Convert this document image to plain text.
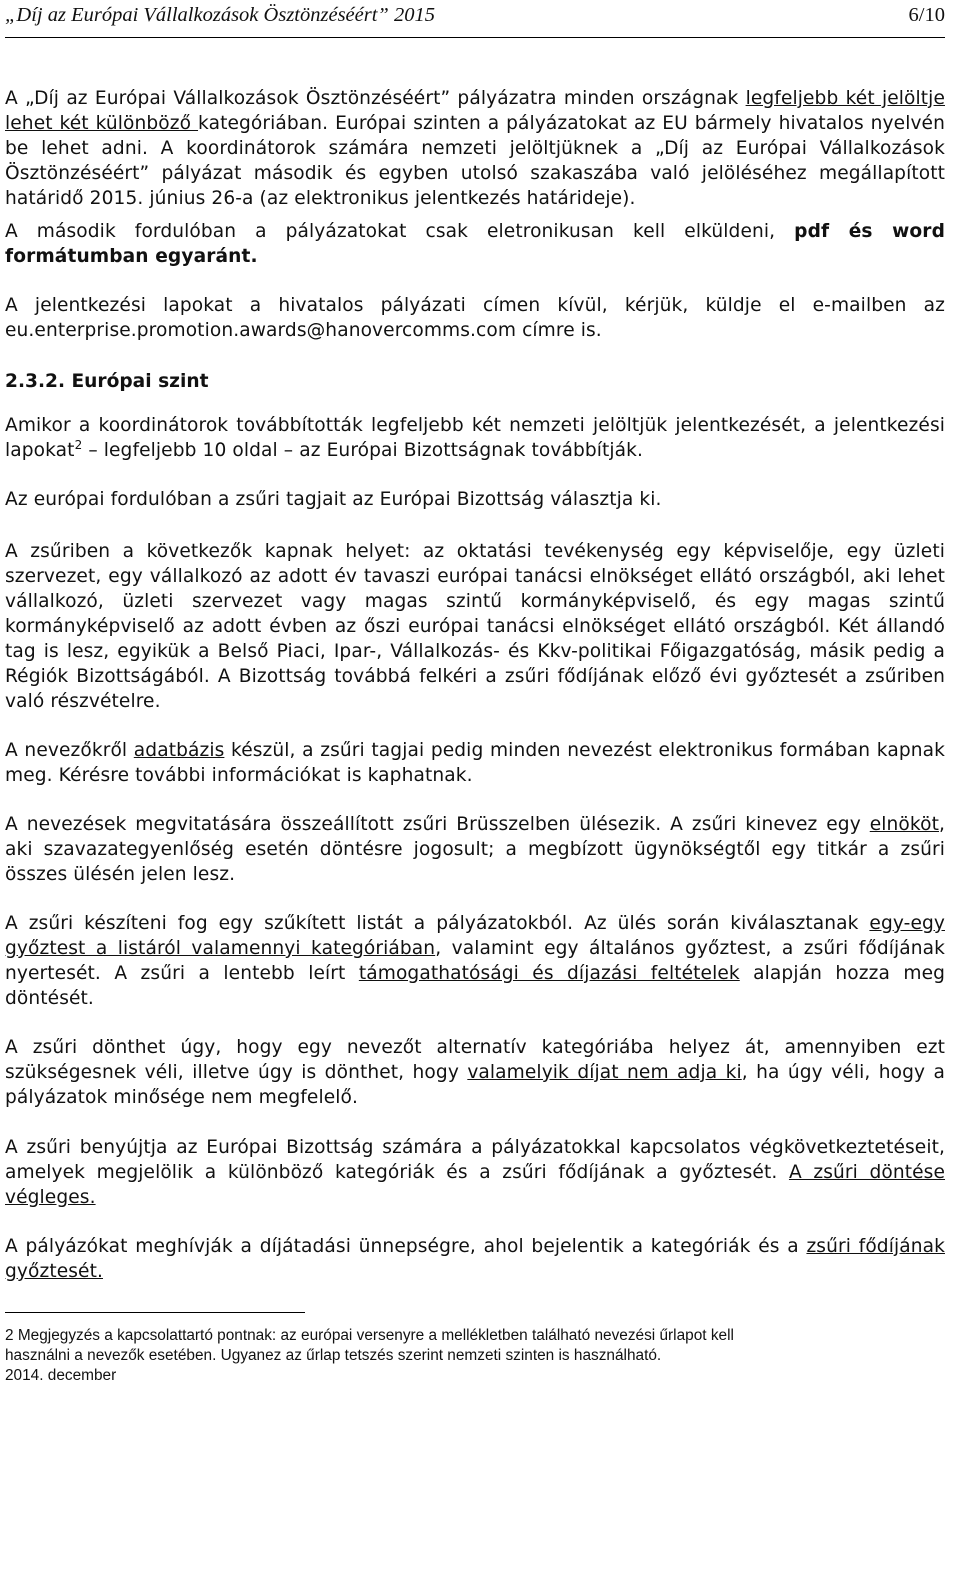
„Díj az Európai Vállalkozások Ösztönzéséért” 2015	6/10

A „Díj az Európai Vállalkozások Ösztönzéséért” pályázatra minden országnak legfeljebb két jelöltje lehet két különböző kategóriában. Európai szinten a pályázatokat az EU bármely hivatalos nyelvén be lehet adni. A koordinátorok számára nemzeti jelöltjüknek a „Díj az Európai Vállalkozások Ösztönzéséért” pályázat második és egyben utolsó szakaszába való jelöléséhez megállapított határidő 2015. június 26-a (az elektronikus jelentkezés határideje).

A második fordulóban a pályázatokat csak eletronikusan kell elküldeni, pdf és word formátumban egyaránt.

A jelentkezési lapokat a hivatalos pályázati címen kívül, kérjük, küldje el e-mailben az eu.enterprise.promotion.awards@hanovercomms.com címre is.

2.3.2. Európai szint

Amikor a koordinátorok továbbították legfeljebb két nemzeti jelöltjük jelentkezését, a jelentkezési lapokat$^2$ – legfeljebb 10 oldal – az Európai Bizottságnak továbbítják.

Az európai fordulóban a zsűri tagjait az Európai Bizottság választja ki.

A zsűriben a következők kapnak helyet: az oktatási tevékenység egy képviselője, egy üzleti szervezet, egy vállalkozó az adott év tavaszi európai tanácsi elnökséget ellátó országból, aki lehet vállalkozó, üzleti szervezet vagy magas szintű kormányképviselő, és egy magas szintű kormányképviselő az adott évben az őszi európai tanácsi elnökséget ellátó országból. Két állandó tag is lesz, egyikük a Belső Piaci, Ipar-, Vállalkozás- és Kkv-politikai Főigazgatóság, másik pedig a Régiók Bizottságából. A Bizottság továbbá felkéri a zsűri fődíjának előző évi győztesét a zsűriben való részvételre.

A nevezőkről adatbázis készül, a zsűri tagjai pedig minden nevezést elektronikus formában kapnak meg. Kérésre további információkat is kaphatnak.

A nevezések megvitatására összeállított zsűri Brüsszelben ülésezik. A zsűri kinevez egy elnököt, aki szavazategyenlőség esetén döntésre jogosult; a megbízott ügynökségtől egy titkár a zsűri összes ülésén jelen lesz.

A zsűri készíteni fog egy szűkített listát a pályázatokból. Az ülés során kiválasztanak egy-egy győztest a listáról valamennyi kategóriában, valamint egy általános győztest, a zsűri fődíjának nyertesét. A zsűri a lentebb leírt támogathatósági és díjazási feltételek alapján hozza meg döntését.

A zsűri dönthet úgy, hogy egy nevezőt alternatív kategóriába helyez át, amennyiben ezt szükségesnek véli, illetve úgy is dönthet, hogy valamelyik díjat nem adja ki, ha úgy véli, hogy a pályázatok minősége nem megfelelő.

A zsűri benyújtja az Európai Bizottság számára a pályázatokkal kapcsolatos végkövetkeztetéseit, amelyek megjelölik a különböző kategóriák és a zsűri fődíjának a győztesét. A zsűri döntése végleges.

A pályázókat meghívják a díjátadási ünnepségre, ahol bejelentik a kategóriák és a zsűri fődíjának győztesét.

2 Megjegyzés a kapcsolattartó pontnak: az európai versenyre a mellékletben található nevezési űrlapot kell
használni a nevezők esetében. Ugyanez az űrlap tetszés szerint nemzeti szinten is használható.
2014. december
